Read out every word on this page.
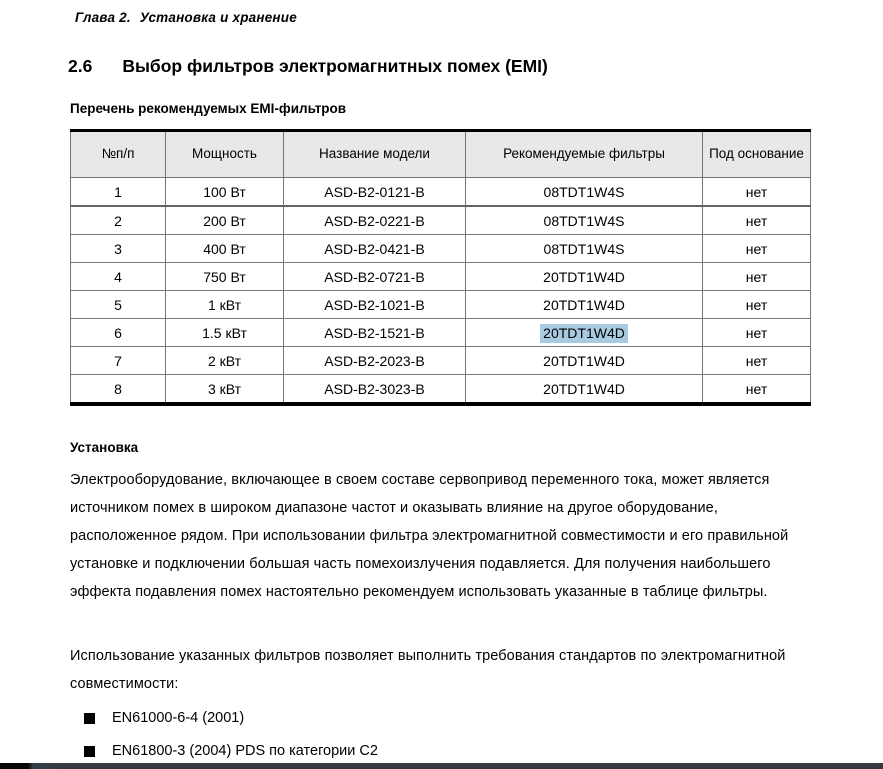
Глава 2. Установка и хранение
2.6 Выбор фильтров электромагнитных помех (EMI)
Перечень рекомендуемых EMI-фильтров
№п/п	Мощность	Название модели	Рекомендуемые фильтры	Под основание
1	100 Вт	ASD-B2-0121-B	08TDT1W4S	нет
2	200 Вт	ASD-B2-0221-B	08TDT1W4S	нет
3	400 Вт	ASD-B2-0421-B	08TDT1W4S	нет
4	750 Вт	ASD-B2-0721-B	20TDT1W4D	нет
5	1 кВт	ASD-B2-1021-B	20TDT1W4D	нет
6	1.5 кВт	ASD-B2-1521-B	20TDT1W4D	нет
7	2 кВт	ASD-B2-2023-B	20TDT1W4D	нет
8	3 кВт	ASD-B2-3023-B	20TDT1W4D	нет
Установка
Электрооборудование, включающее в своем составе сервопривод переменного тока, может является источником помех в широком диапазоне частот и оказывать влияние на другое оборудование, расположенное рядом. При использовании фильтра электромагнитной совместимости и его правильной установке и подключении большая часть помехоизлучения подавляется. Для получения наибольшего эффекта подавления помех настоятельно рекомендуем использовать указанные в таблице фильтры.
Использование указанных фильтров позволяет выполнить требования стандартов по электромагнитной совместимости:
EN61000-6-4 (2001)
EN61800-3 (2004) PDS по категории C2
